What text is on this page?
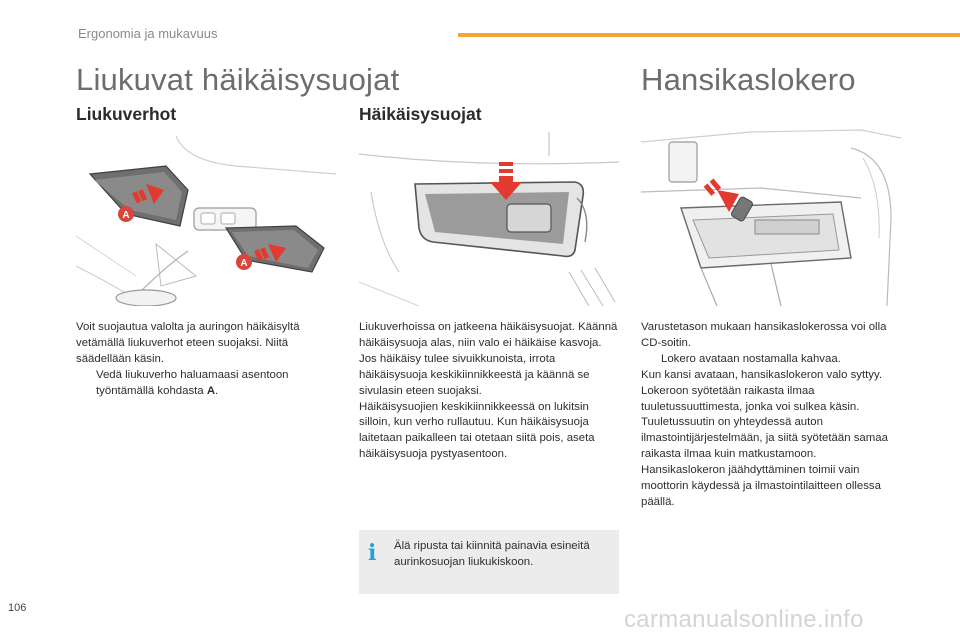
Ergonomia ja mukavuus
Liukuvat häikäisysuojat	Hansikaslokero
Liukuverhot	Häikäisysuojat
A
A

Voit suojautua valolta ja auringon häikäisyltä vetämällä liukuverhot eteen suojaksi. Niitä säädellään käsin.

Vedä liukuverho haluamaasi asentoon työntämällä kohdasta A.

Liukuverhoissa on jatkeena häikäisysuojat. Käännä häikäisysuoja alas, niin valo ei häikäise kasvoja.

Jos häikäisy tulee sivuikkunoista, irrota häikäisysuoja keskikiinnikkeestä ja käännä se sivulasin eteen suojaksi.

Häikäisysuojien keskikiinnikkeessä on lukitsin silloin, kun verho rullautuu. Kun häikäisysuoja laitetaan paikalleen tai otetaan siitä pois, aseta häikäisysuoja pystyasentoon.

i Älä ripusta tai kiinnitä painavia esineitä aurinkosuojan liukukiskoon.

Varustetason mukaan hansikaslokerossa voi olla CD-soitin.

Lokero avataan nostamalla kahvaa.

Kun kansi avataan, hansikaslokeron valo syttyy.

Lokeroon syötetään raikasta ilmaa tuuletussuuttimesta, jonka voi sulkea käsin.

Tuuletussuutin on yhteydessä auton ilmastointijärjestelmään, ja siitä syötetään samaa raikasta ilmaa kuin matkustamoon.

Hansikaslokeron jäähdyttäminen toimii vain moottorin käydessä ja ilmastointilaitteen ollessa päällä.

106	carmanualsonline.info
